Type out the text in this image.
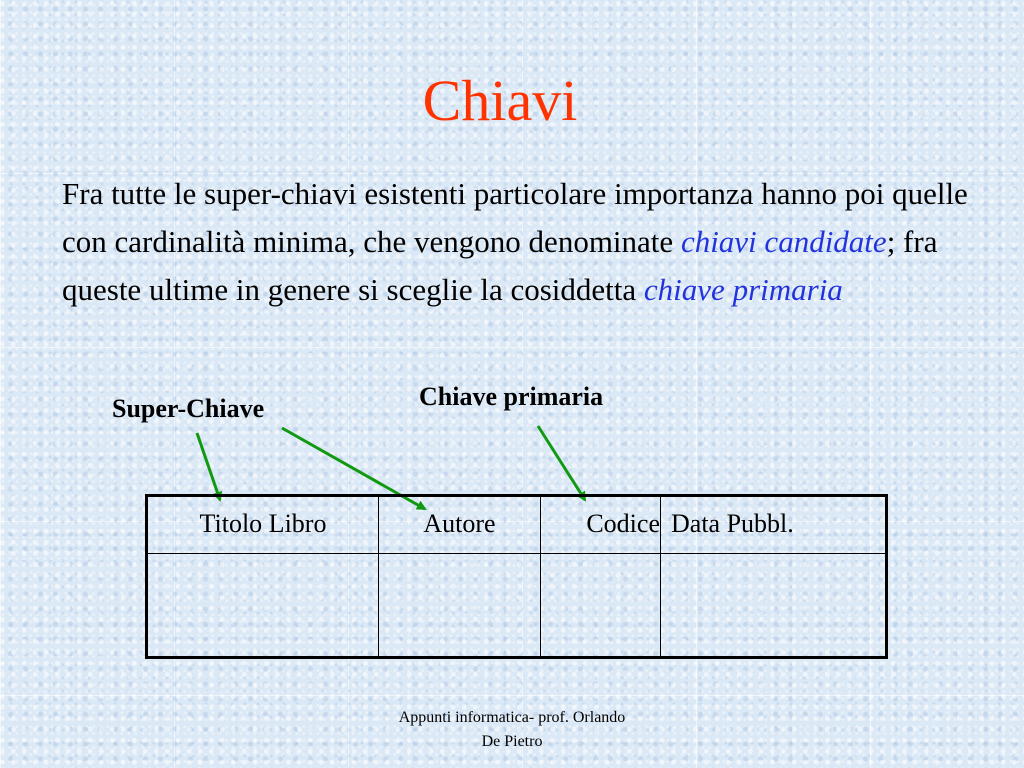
Chiavi
Fra tutte le super-chiavi esistenti particolare importanza hanno poi quelle con cardinalità minima, che vengono denominate chiavi candidate; fra queste ultime in genere si sceglie la cosiddetta chiave primaria
Super-Chiave	Chiave primaria
Titolo Libro	Autore	Codice	Data Pubbl.

Appunti informatica- prof. Orlando
De Pietro
